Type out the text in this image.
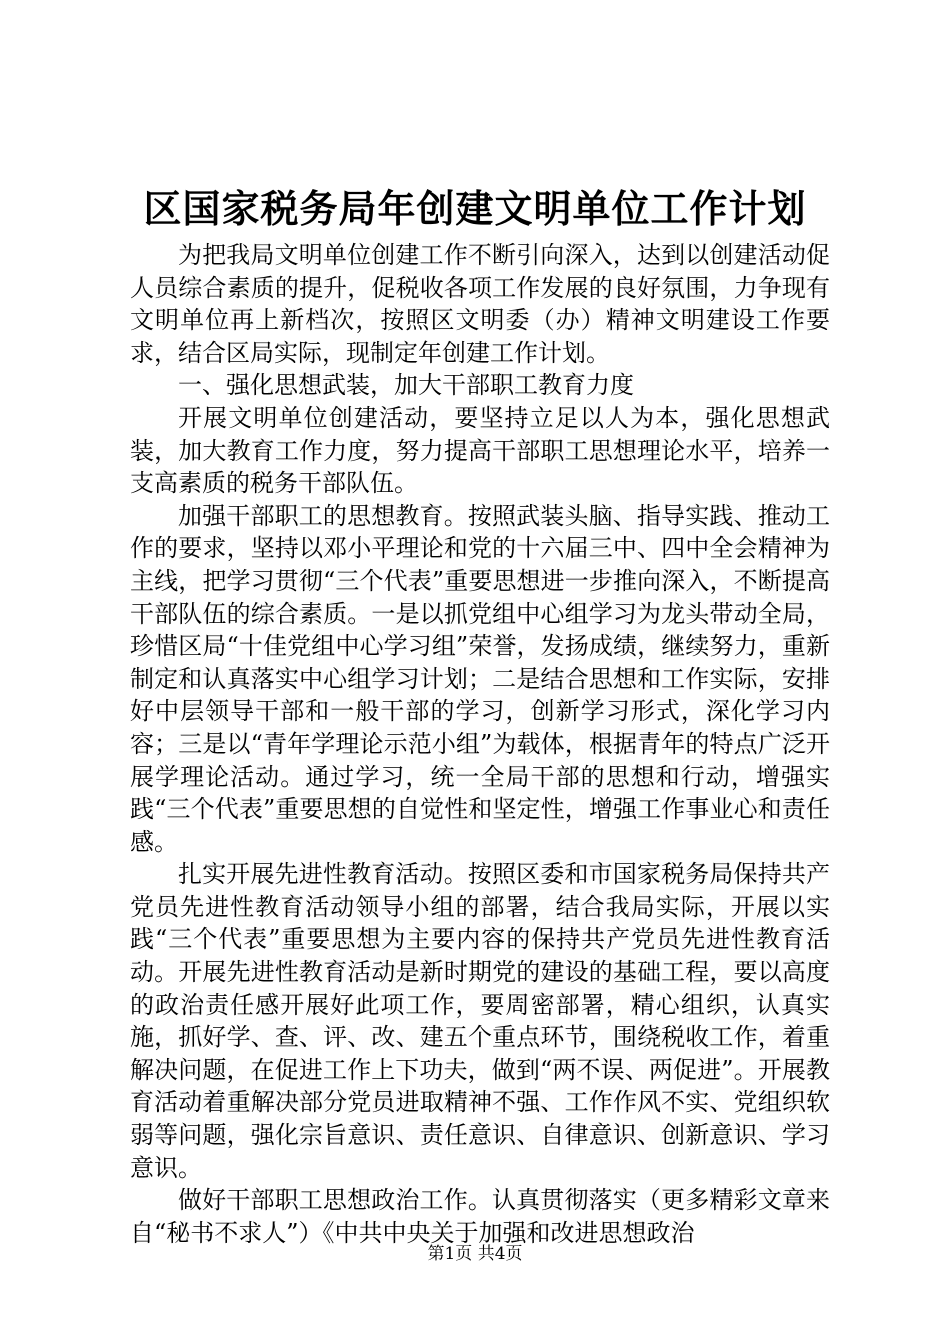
区国家税务局年创建文明单位工作计划

为把我局文明单位创建工作不断引向深入，达到以创建活动促人员综合素质的提升，促税收各项工作发展的良好氛围，力争现有文明单位再上新档次，按照区文明委（办）精神文明建设工作要求，结合区局实际，现制定年创建工作计划。

一、强化思想武装，加大干部职工教育力度

开展文明单位创建活动，要坚持立足以人为本，强化思想武装，加大教育工作力度，努力提高干部职工思想理论水平，培养一支高素质的税务干部队伍。

加强干部职工的思想教育。按照武装头脑、指导实践、推动工作的要求，坚持以邓小平理论和党的十六届三中、四中全会精神为主线，把学习贯彻“三个代表”重要思想进一步推向深入，不断提高干部队伍的综合素质。一是以抓党组中心组学习为龙头带动全局，珍惜区局“十佳党组中心学习组”荣誉，发扬成绩，继续努力，重新制定和认真落实中心组学习计划；二是结合思想和工作实际，安排好中层领导干部和一般干部的学习，创新学习形式，深化学习内容；三是以“青年学理论示范小组”为载体，根据青年的特点广泛开展学理论活动。通过学习，统一全局干部的思想和行动，增强实践“三个代表”重要思想的自觉性和坚定性，增强工作事业心和责任感。

扎实开展先进性教育活动。按照区委和市国家税务局保持共产党员先进性教育活动领导小组的部署，结合我局实际，开展以实践“三个代表”重要思想为主要内容的保持共产党员先进性教育活动。开展先进性教育活动是新时期党的建设的基础工程，要以高度的政治责任感开展好此项工作，要周密部署，精心组织，认真实施，抓好学、查、评、改、建五个重点环节，围绕税收工作，着重解决问题，在促进工作上下功夫，做到“两不误、两促进”。开展教育活动着重解决部分党员进取精神不强、工作作风不实、党组织软弱等问题，强化宗旨意识、责任意识、自律意识、创新意识、学习意识。

做好干部职工思想政治工作。认真贯彻落实（更多精彩文章来自“秘书不求人”）《中共中央关于加强和改进思想政治

第1页 共4页
